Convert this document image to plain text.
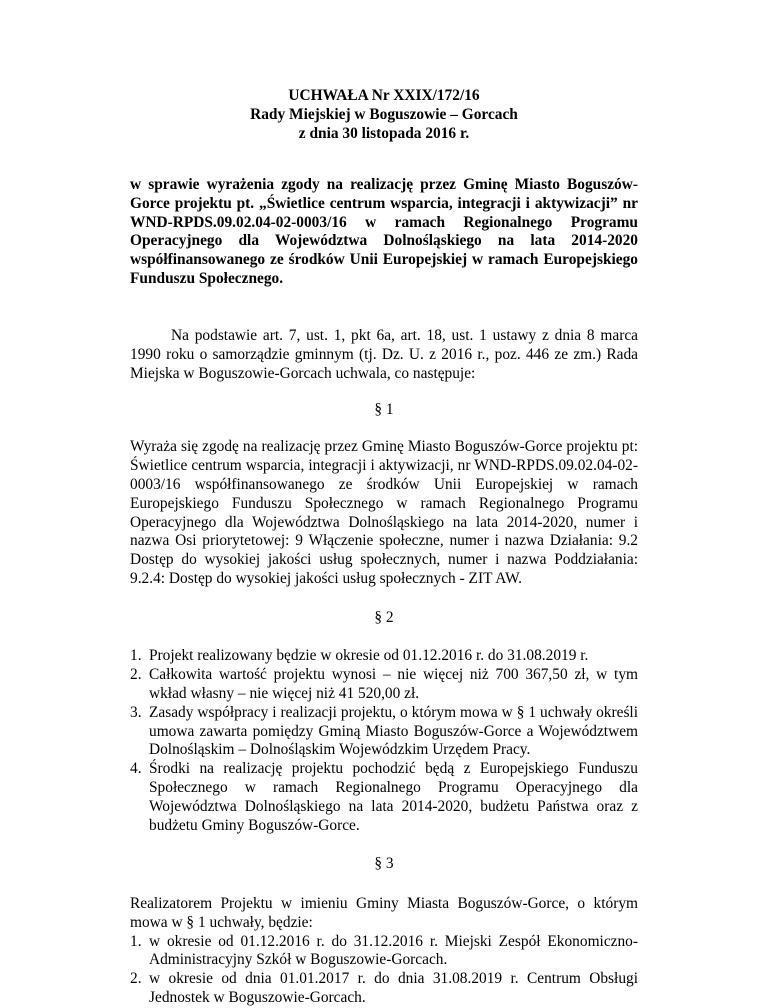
UCHWAŁA Nr XXIX/172/16
Rady Miejskiej w Boguszowie – Gorcach
z dnia 30 listopada 2016 r.
w sprawie wyrażenia zgody na realizację przez Gminę Miasto Boguszów-Gorce projektu pt. „Świetlice centrum wsparcia, integracji i aktywizacji” nr WND-RPDS.09.02.04-02-0003/16 w ramach Regionalnego Programu Operacyjnego dla Województwa Dolnośląskiego na lata 2014-2020 współfinansowanego ze środków Unii Europejskiej w ramach Europejskiego Funduszu Społecznego.
Na podstawie art. 7, ust. 1, pkt 6a, art. 18, ust. 1 ustawy z dnia 8 marca 1990 roku o samorządzie gminnym (tj. Dz. U. z 2016 r., poz. 446 ze zm.) Rada Miejska w Boguszowie-Gorcach uchwala, co następuje:
§ 1
Wyraża się zgodę na realizację przez Gminę Miasto Boguszów-Gorce projektu pt: Świetlice centrum wsparcia, integracji i aktywizacji, nr WND-RPDS.09.02.04-02-0003/16 współfinansowanego ze środków Unii Europejskiej w ramach Europejskiego Funduszu Społecznego w ramach Regionalnego Programu Operacyjnego dla Województwa Dolnośląskiego na lata 2014-2020, numer i nazwa Osi priorytetowej: 9 Włączenie społeczne, numer i nazwa Działania: 9.2 Dostęp do wysokiej jakości usług społecznych, numer i nazwa Poddziałania: 9.2.4: Dostęp do wysokiej jakości usług społecznych - ZIT AW.
§ 2
1. Projekt realizowany będzie w okresie od 01.12.2016 r. do 31.08.2019 r.
2. Całkowita wartość projektu wynosi – nie więcej niż 700 367,50 zł, w tym wkład własny – nie więcej niż 41 520,00 zł.
3. Zasady współpracy i realizacji projektu, o którym mowa w § 1 uchwały określi umowa zawarta pomiędzy Gminą Miasto Boguszów-Gorce a Województwem Dolnośląskim – Dolnośląskim Wojewódzkim Urzędem Pracy.
4. Środki na realizację projektu pochodzić będą z Europejskiego Funduszu Społecznego w ramach Regionalnego Programu Operacyjnego dla Województwa Dolnośląskiego na lata 2014-2020, budżetu Państwa oraz z budżetu Gminy Boguszów-Gorce.
§ 3
Realizatorem Projektu w imieniu Gminy Miasta Boguszów-Gorce, o którym mowa w § 1 uchwały, będzie:
1. w okresie od 01.12.2016 r. do 31.12.2016 r. Miejski Zespół Ekonomiczno-Administracyjny Szkół w Boguszowie-Gorcach.
2. w okresie od dnia 01.01.2017 r. do dnia 31.08.2019 r. Centrum Obsługi Jednostek w Boguszowie-Gorcach.
